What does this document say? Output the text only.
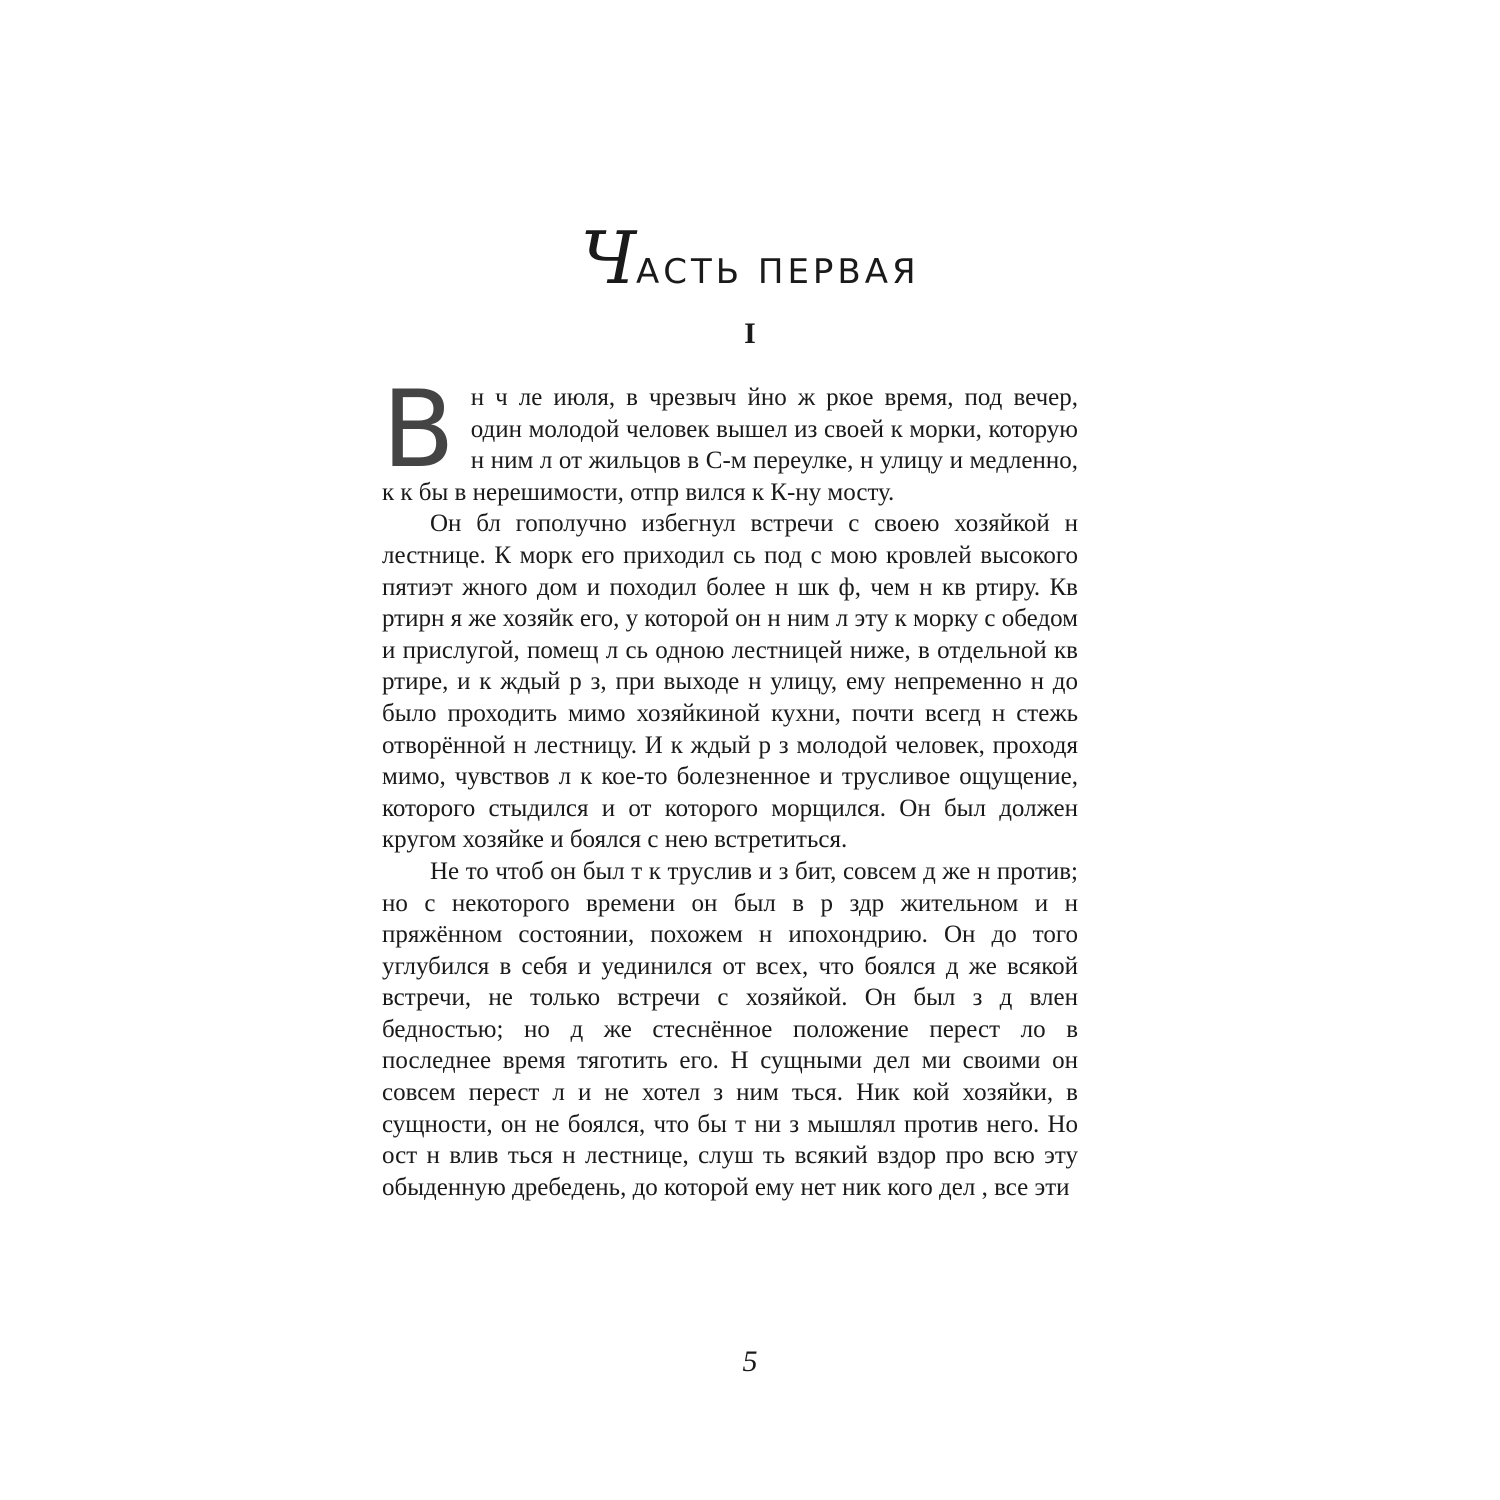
ЧАСТЬ ПЕРВАЯ
I

В н ч ле июля, в чрезвыч йно ж ркое время, под вечер, один молодой человек вышел из своей к морки, которую н ним л от жильцов в С-м переулке, н улицу и медленно, к к бы в нерешимости, отпр вился к К-ну мосту.

Он бл гополучно избегнул встречи с своею хозяйкой н лестнице. К морк его приходил сь под с мою кровлей высокого пятиэт жного дом и походил более н шк ф, чем н кв ртиру. Кв ртирн я же хозяйк его, у которой он н ним л эту к морку с обедом и прислугой, помещ л сь одною лестницей ниже, в отдельной кв ртире, и к ждый р з, при выходе н улицу, ему непременно н до было проходить мимо хозяйкиной кухни, почти всегд н стежь отворённой н лестницу. И к ждый р з молодой человек, проходя мимо, чувствов л к кое-то болезненное и трусливое ощущение, которого стыдился и от которого морщился. Он был должен кругом хозяйке и боялся с нею встретиться.

Не то чтоб он был т к труслив и з бит, совсем д же н против; но с некоторого времени он был в р здр жительном и н пряжённом состоянии, похожем н ипохондрию. Он до того углубился в себя и уединился от всех, что боялся д же всякой встречи, не только встречи с хозяйкой. Он был з д влен бедностью; но д же стеснённое положение перест ло в последнее время тяготить его. Н сущными дел ми своими он совсем перест л и не хотел з ним ться. Ник кой хозяйки, в сущности, он не боялся, что бы т ни з мышлял против него. Но ост н влив ться н лестнице, слуш ть всякий вздор про всю эту обыденную дребедень, до которой ему нет ник кого дел , все эти

5
